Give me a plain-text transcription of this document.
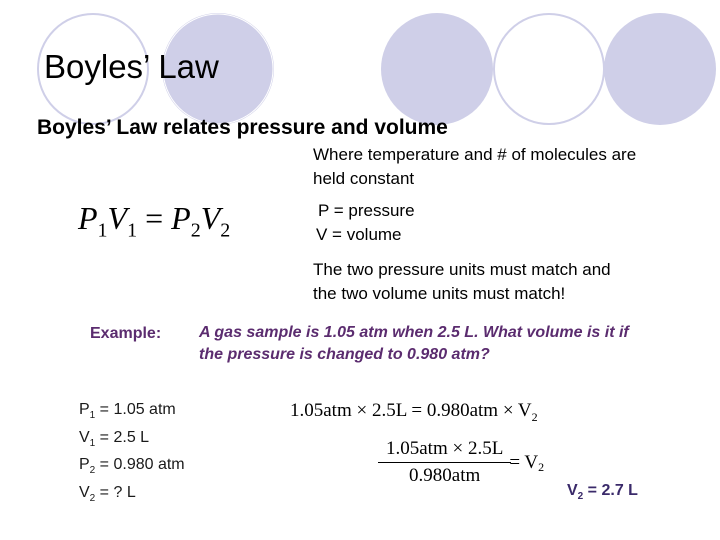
Boyles’ Law
Boyles’ Law relates pressure and volume
Where temperature and # of molecules are
held constant
P = pressure
V = volume
$P_1V_1 = P_2V_2$
The two pressure units must match and
the two volume units must match!
Example: A gas sample is 1.05 atm when 2.5 L. What volume is it if
the pressure is changed to 0.980 atm?
$P_1 = 1.05$ atm
$V_1 = 2.5$ L
$P_2 = 0.980$ atm
$V_2$ = ? L
$1.05atm \times 2.5L = 0.980atm \times V_2$
$\frac{\text{1.05atm × 2.5L}}{\text{0.980atm}} = V_2$
$V_2 = 2.7$ L
